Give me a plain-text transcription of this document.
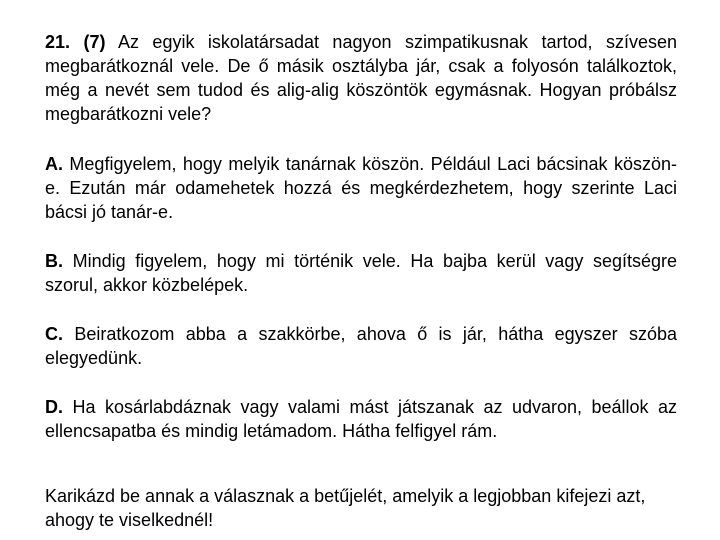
21. (7) Az egyik iskolatársadat nagyon szimpatikusnak tartod, szívesen megbarátkoznál vele. De ő másik osztályba jár, csak a folyosón találkoztok, még a nevét sem tudod és alig-alig köszöntök egymásnak. Hogyan próbálsz megbarátkozni vele?

A. Megfigyelem, hogy melyik tanárnak köszön. Például Laci bácsinak köszön-e. Ezután már odamehetek hozzá és megkérdezhetem, hogy szerinte Laci bácsi jó tanár-e.

B. Mindig figyelem, hogy mi történik vele. Ha bajba kerül vagy segítségre szorul, akkor közbelépek.

C. Beiratkozom abba a szakkörbe, ahova ő is jár, hátha egyszer szóba elegyedünk.

D. Ha kosárlabdáznak vagy valami mást játszanak az udvaron, beállok az ellencsapatba és mindig letámadom. Hátha felfigyel rám.

Karikázd be annak a válasznak a betűjelét, amelyik a legjobban kifejezi azt, ahogy te viselkednél!
